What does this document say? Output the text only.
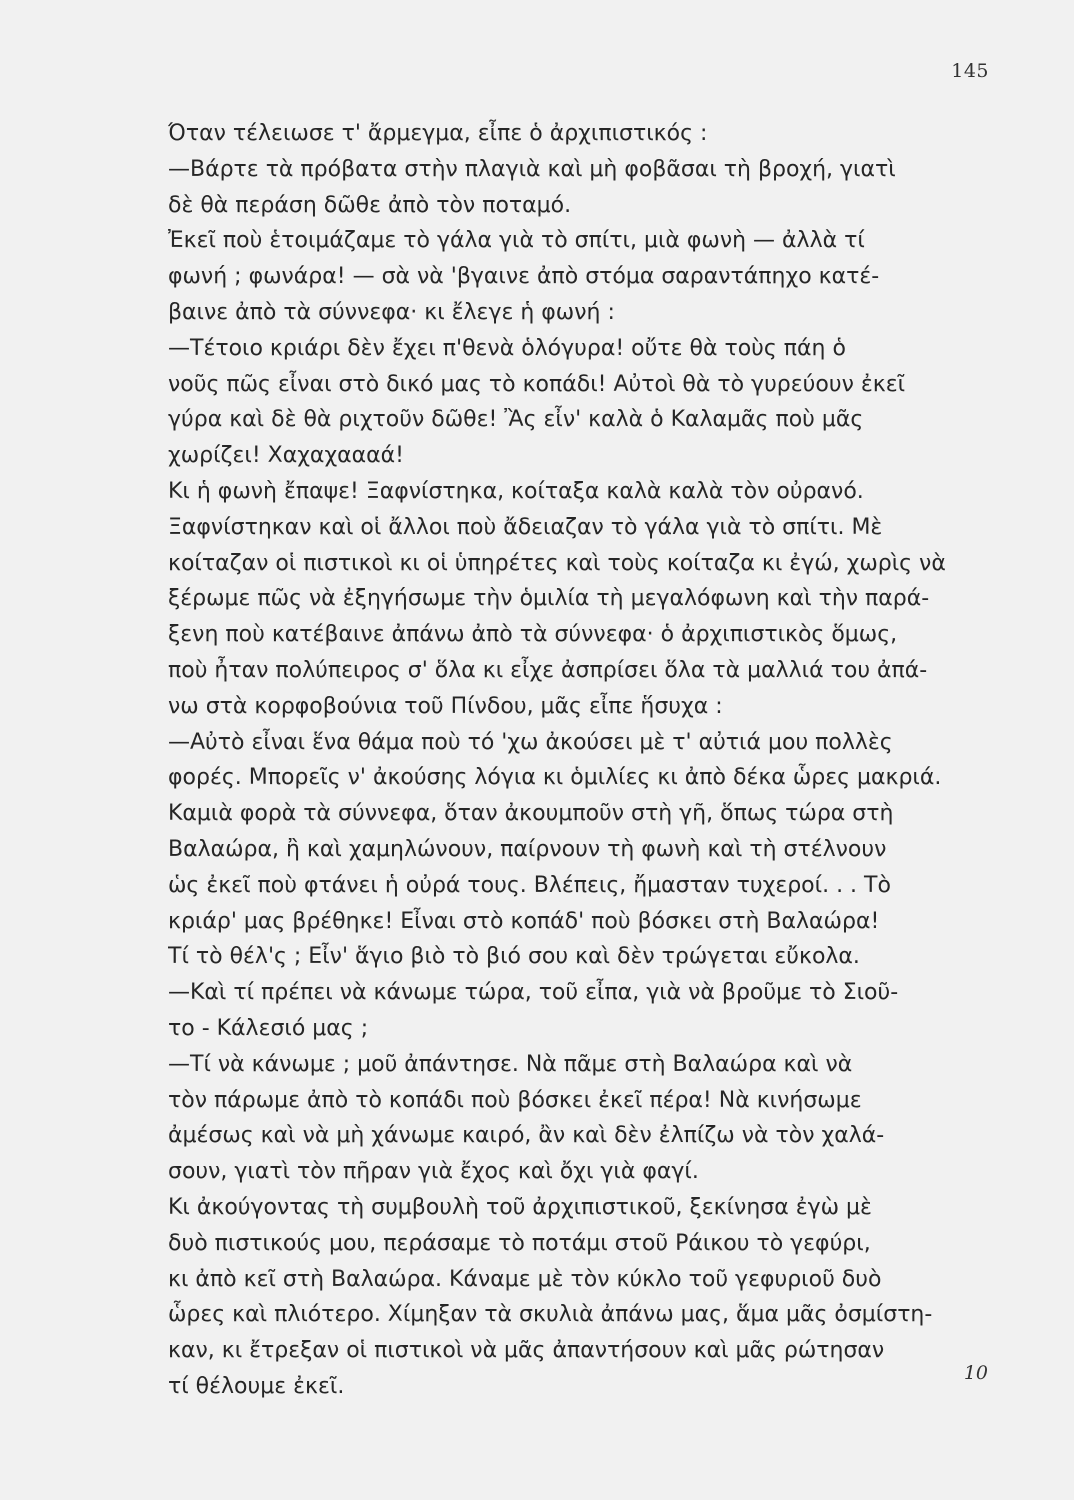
145
Όταν τέλειωσε τ' ἄρμεγμα, εἶπε ὁ ἀρχιπιστικός :
—Βάρτε τὰ πρόβατα στὴν πλαγιὰ καὶ μὴ φοβᾶσαι τὴ βροχή, γιατὶ
δὲ θὰ περάση δῶθε ἀπὸ τὸν ποταμό.
Ἐκεῖ ποὺ ἑτοιμάζαμε τὸ γάλα γιὰ τὸ σπίτι, μιὰ φωνὴ — ἀλλὰ τί
φωνή ; φωνάρα! — σὰ νὰ 'βγαινε ἀπὸ στόμα σαραντάπηχο κατέ-
βαινε ἀπὸ τὰ σύννεφα· κι ἔλεγε ἡ φωνή :
—Τέτοιο κριάρι δὲν ἔχει π'θενὰ ὁλόγυρα! οὔτε θὰ τοὺς πάη ὁ
νοῦς πῶς εἶναι στὸ δικό μας τὸ κοπάδι! Αὐτοὶ θὰ τὸ γυρεύουν ἐκεῖ
γύρα καὶ δὲ θὰ ριχτοῦν δῶθε! Ἂς εἶν' καλὰ ὁ Καλαμᾶς ποὺ μᾶς
χωρίζει! Χαχαχαααά!
Κι ἡ φωνὴ ἔπαψε! Ξαφνίστηκα, κοίταξα καλὰ καλὰ τὸν οὐρανό.
Ξαφνίστηκαν καὶ οἱ ἄλλοι ποὺ ἄδειαζαν τὸ γάλα γιὰ τὸ σπίτι. Μὲ
κοίταζαν οἱ πιστικοὶ κι οἱ ὑπηρέτες καὶ τοὺς κοίταζα κι ἐγώ, χωρὶς νὰ
ξέρωμε πῶς νὰ ἐξηγήσωμε τὴν ὁμιλία τὴ μεγαλόφωνη καὶ τὴν παρά-
ξενη ποὺ κατέβαινε ἀπάνω ἀπὸ τὰ σύννεφα· ὁ ἀρχιπιστικὸς ὅμως,
ποὺ ἦταν πολύπειρος σ' ὅλα κι εἶχε ἀσπρίσει ὅλα τὰ μαλλιά του ἀπά-
νω στὰ κορφοβούνια τοῦ Πίνδου, μᾶς εἶπε ἥσυχα :
—Αὐτὸ εἶναι ἕνα θάμα ποὺ τό 'χω ἀκούσει μὲ τ' αὐτιά μου πολλὲς
φορές. Μπορεῖς ν' ἀκούσης λόγια κι ὁμιλίες κι ἀπὸ δέκα ὧρες μακριά.
Καμιὰ φορὰ τὰ σύννεφα, ὅταν ἀκουμποῦν στὴ γῆ, ὅπως τώρα στὴ
Βαλαώρα, ἢ καὶ χαμηλώνουν, παίρνουν τὴ φωνὴ καὶ τὴ στέλνουν
ὡς ἐκεῖ ποὺ φτάνει ἡ οὐρά τους. Βλέπεις, ἤμασταν τυχεροί. . . Τὸ
κριάρ' μας βρέθηκε! Εἶναι στὸ κοπάδ' ποὺ βόσκει στὴ Βαλαώρα!
Τί τὸ θέλ'ς ; Εἶν' ἅγιο βιὸ τὸ βιό σου καὶ δὲν τρώγεται εὔκολα.
—Καὶ τί πρέπει νὰ κάνωμε τώρα, τοῦ εἶπα, γιὰ νὰ βροῦμε τὸ Σιοῦ-
το - Κάλεσιό μας ;
—Τί νὰ κάνωμε ; μοῦ ἀπάντησε. Νὰ πᾶμε στὴ Βαλαώρα καὶ νὰ
τὸν πάρωμε ἀπὸ τὸ κοπάδι ποὺ βόσκει ἐκεῖ πέρα! Νὰ κινήσωμε
ἀμέσως καὶ νὰ μὴ χάνωμε καιρό, ἂν καὶ δὲν ἐλπίζω νὰ τὸν χαλά-
σουν, γιατὶ τὸν πῆραν γιὰ ἔχος καὶ ὄχι γιὰ φαγί.
Κι ἀκούγοντας τὴ συμβουλὴ τοῦ ἀρχιπιστικοῦ, ξεκίνησα ἐγὼ μὲ
δυὸ πιστικούς μου, περάσαμε τὸ ποτάμι στοῦ Ράικου τὸ γεφύρι,
κι ἀπὸ κεῖ στὴ Βαλαώρα. Κάναμε μὲ τὸν κύκλο τοῦ γεφυριοῦ δυὸ
ὧρες καὶ πλιότερο. Χίμηξαν τὰ σκυλιὰ ἀπάνω μας, ἅμα μᾶς ὀσμίστη-
καν, κι ἔτρεξαν οἱ πιστικοὶ νὰ μᾶς ἀπαντήσουν καὶ μᾶς ρώτησαν
τί θέλουμε ἐκεῖ.
10
